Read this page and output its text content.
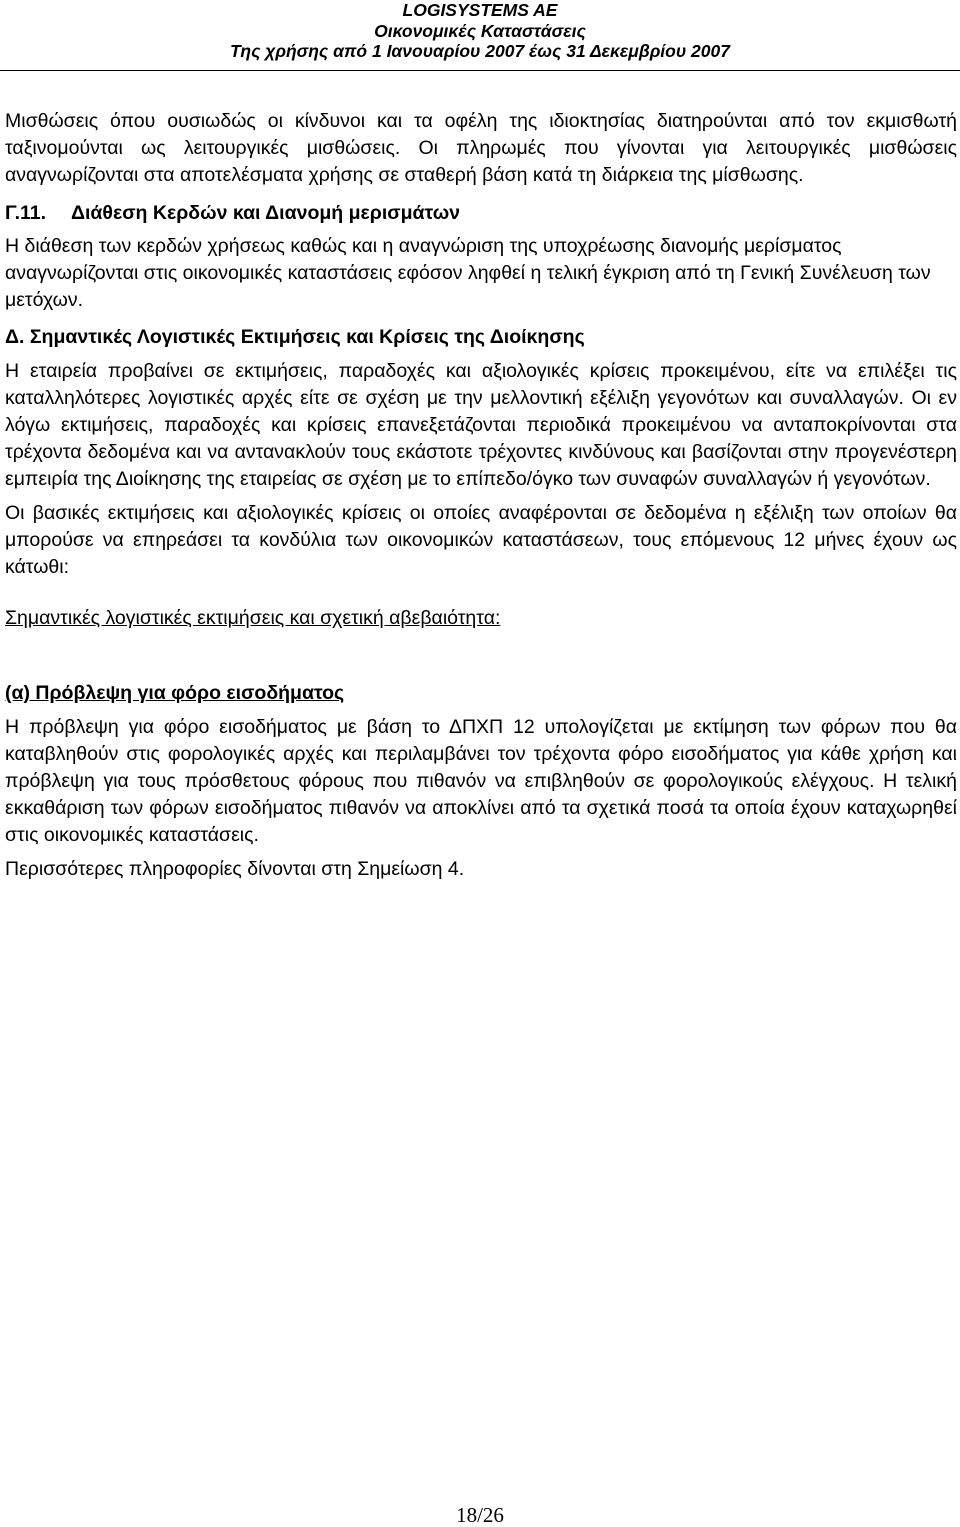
LOGISYSTEMS AE
Οικονομικές Καταστάσεις
Της χρήσης από 1 Ιανουαρίου 2007 έως 31 Δεκεμβρίου 2007

Μισθώσεις όπου ουσιωδώς οι κίνδυνοι και τα οφέλη της ιδιοκτησίας διατηρούνται από τον εκμισθωτή ταξινομούνται ως λειτουργικές μισθώσεις. Οι πληρωμές που γίνονται για λειτουργικές μισθώσεις αναγνωρίζονται στα αποτελέσματα χρήσης σε σταθερή βάση κατά τη διάρκεια της μίσθωσης.

Γ.11. Διάθεση Κερδών και Διανομή μερισμάτων

Η διάθεση των κερδών χρήσεως καθώς και η αναγνώριση της υποχρέωσης διανομής μερίσματος αναγνωρίζονται στις οικονομικές καταστάσεις εφόσον ληφθεί η τελική έγκριση από τη Γενική Συνέλευση των μετόχων.

Δ. Σημαντικές Λογιστικές Εκτιμήσεις και Κρίσεις της Διοίκησης

Η εταιρεία προβαίνει σε εκτιμήσεις, παραδοχές και αξιολογικές κρίσεις προκειμένου, είτε να επιλέξει τις καταλληλότερες λογιστικές αρχές είτε σε σχέση με την μελλοντική εξέλιξη γεγονότων και συναλλαγών. Οι εν λόγω εκτιμήσεις, παραδοχές και κρίσεις επανεξετάζονται περιοδικά προκειμένου να ανταποκρίνονται στα τρέχοντα δεδομένα και να αντανακλούν τους εκάστοτε τρέχοντες κινδύνους και βασίζονται στην προγενέστερη εμπειρία της Διοίκησης της εταιρείας σε σχέση με το επίπεδο/όγκο των συναφών συναλλαγών ή γεγονότων.

Οι βασικές εκτιμήσεις και αξιολογικές κρίσεις οι οποίες αναφέρονται σε δεδομένα η εξέλιξη των οποίων θα μπορούσε να επηρεάσει τα κονδύλια των οικονομικών καταστάσεων, τους επόμενους 12 μήνες έχουν ως κάτωθι:

Σημαντικές λογιστικές εκτιμήσεις και σχετική αβεβαιότητα:

(α) Πρόβλεψη για φόρο εισοδήματος

Η πρόβλεψη για φόρο εισοδήματος με βάση το ΔΠΧΠ 12 υπολογίζεται με εκτίμηση των φόρων που θα καταβληθούν στις φορολογικές αρχές και περιλαμβάνει τον τρέχοντα φόρο εισοδήματος για κάθε χρήση και πρόβλεψη για τους πρόσθετους φόρους που πιθανόν να επιβληθούν σε φορολογικούς ελέγχους. Η τελική εκκαθάριση των φόρων εισοδήματος πιθανόν να αποκλίνει από τα σχετικά ποσά τα οποία έχουν καταχωρηθεί στις οικονομικές καταστάσεις.

Περισσότερες πληροφορίες δίνονται στη Σημείωση 4.

18/26
